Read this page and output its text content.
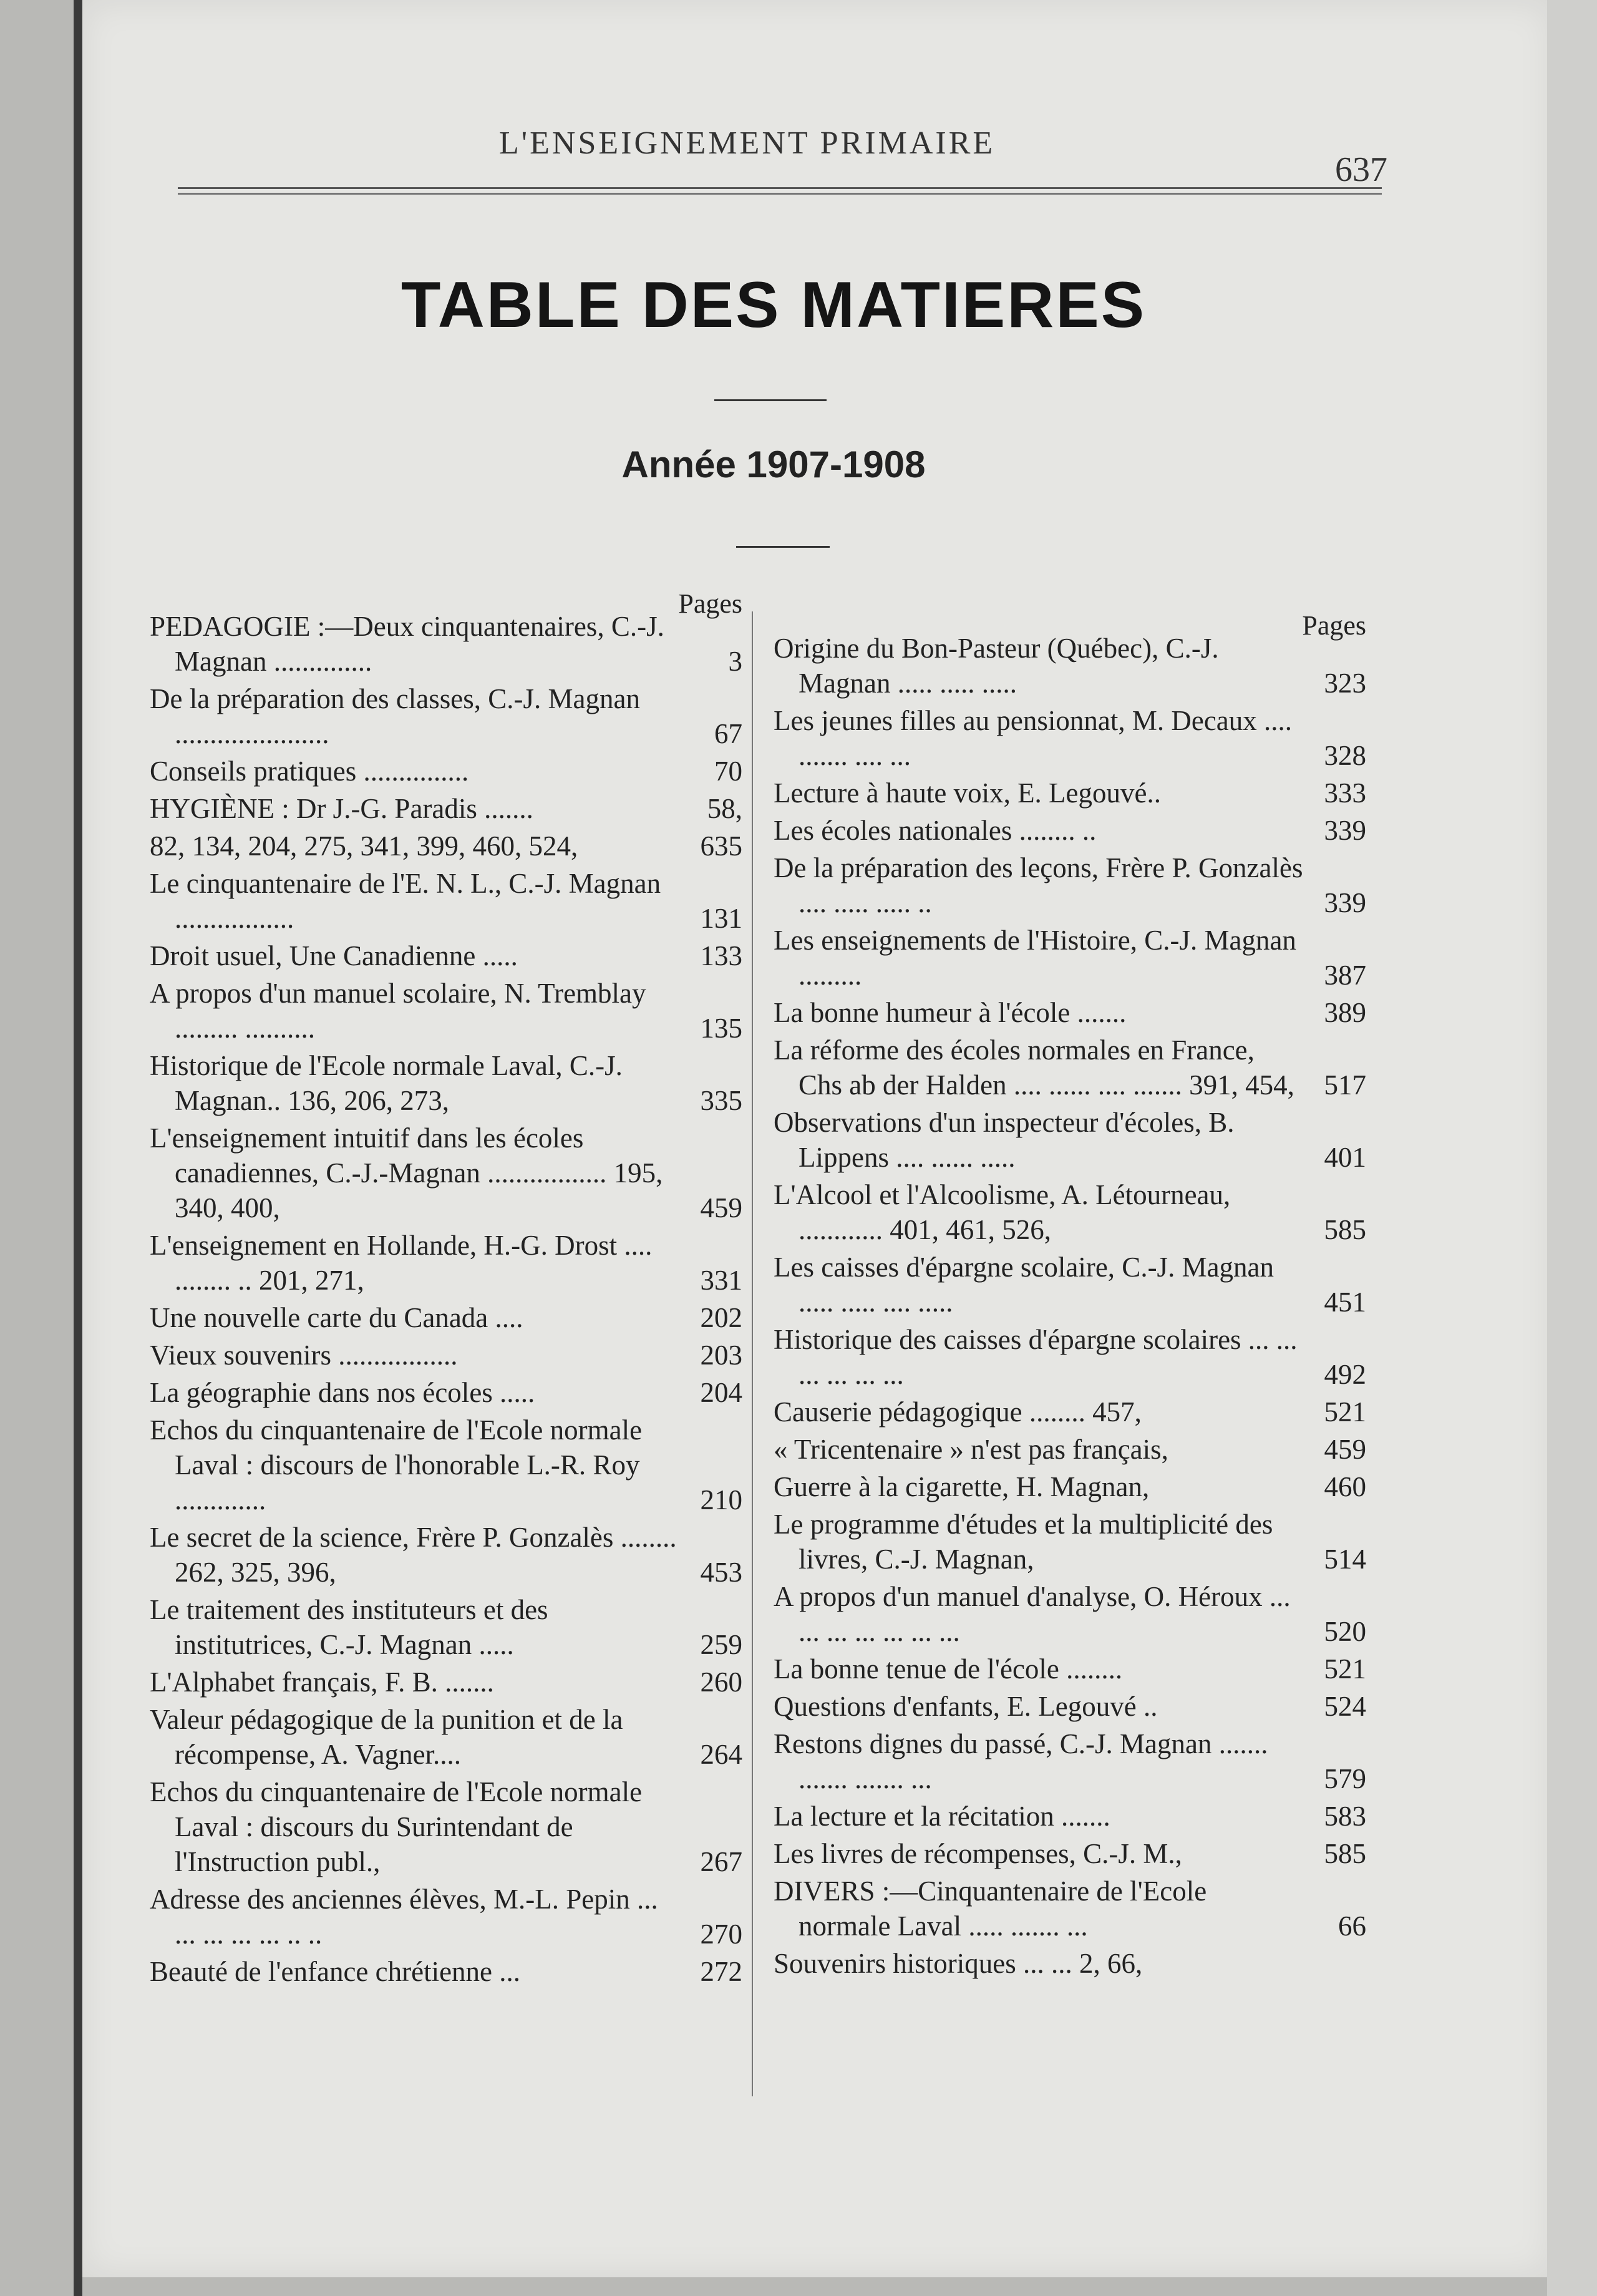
L'ENSEIGNEMENT PRIMAIRE
637
TABLE DES MATIERES
Année 1907-1908
Pages
PEDAGOGIE :—Deux cinquantenaires, C.-J. Magnan ..............	3
De la préparation des classes, C.-J. Magnan ......................	67
Conseils pratiques ...............	70
HYGIÈNE : Dr J.-G. Paradis .......	58,
82, 134, 204, 275, 341, 399, 460, 524,	635
Le cinquantenaire de l'E. N. L., C.-J. Magnan .................	131
Droit usuel, Une Canadienne .....	133
A propos d'un manuel scolaire, N. Tremblay ......... ..........	135
Historique de l'Ecole normale Laval, C.-J. Magnan.. 136, 206, 273,	335
L'enseignement intuitif dans les écoles canadiennes, C.-J.-Magnan ................. 195, 340, 400,	459
L'enseignement en Hollande, H.-G. Drost .... ........ .. 201, 271,	331
Une nouvelle carte du Canada ....	202
Vieux souvenirs .................	203
La géographie dans nos écoles .....	204
Echos du cinquantenaire de l'Ecole normale Laval : discours de l'honorable L.-R. Roy .............	210
Le secret de la science, Frère P. Gonzalès ........ 262, 325, 396,	453
Le traitement des instituteurs et des institutrices, C.-J. Magnan .....	259
L'Alphabet français, F. B. .......	260
Valeur pédagogique de la punition et de la récompense, A. Vagner....	264
Echos du cinquantenaire de l'Ecole normale Laval : discours du Surintendant de l'Instruction publ.,	267
Adresse des anciennes élèves, M.-L. Pepin ... ... ... ... ... .. ..	270
Beauté de l'enfance chrétienne ...	272
Pages
Origine du Bon-Pasteur (Québec), C.-J. Magnan ..... ..... .....	323
Les jeunes filles au pensionnat, M. Decaux .... ....... .... ...	328
Lecture à haute voix, E. Legouvé..	333
Les écoles nationales ........ ..	339
De la préparation des leçons, Frère P. Gonzalès .... ..... ..... ..	339
Les enseignements de l'Histoire, C.-J. Magnan .........	387
La bonne humeur à l'école .......	389
La réforme des écoles normales en France, Chs ab der Halden .... ...... .... ....... 391, 454,	517
Observations d'un inspecteur d'écoles, B. Lippens .... ...... .....	401
L'Alcool et l'Alcoolisme, A. Létourneau, ............ 401, 461, 526,	585
Les caisses d'épargne scolaire, C.-J. Magnan ..... ..... .... .....	451
Historique des caisses d'épargne scolaires ... ... ... ... ... ...	492
Causerie pédagogique ........ 457,	521
« Tricentenaire » n'est pas français,	459
Guerre à la cigarette, H. Magnan,	460
Le programme d'études et la multiplicité des livres, C.-J. Magnan,	514
A propos d'un manuel d'analyse, O. Héroux ... ... ... ... ... ... ...	520
La bonne tenue de l'école ........	521
Questions d'enfants, E. Legouvé ..	524
Restons dignes du passé, C.-J. Magnan ....... ....... ....... ...	579
La lecture et la récitation .......	583
Les livres de récompenses, C.-J. M.,	585
DIVERS :—Cinquantenaire de l'Ecole normale Laval ..... ....... ...	66
Souvenirs historiques ... ... 2, 66,
